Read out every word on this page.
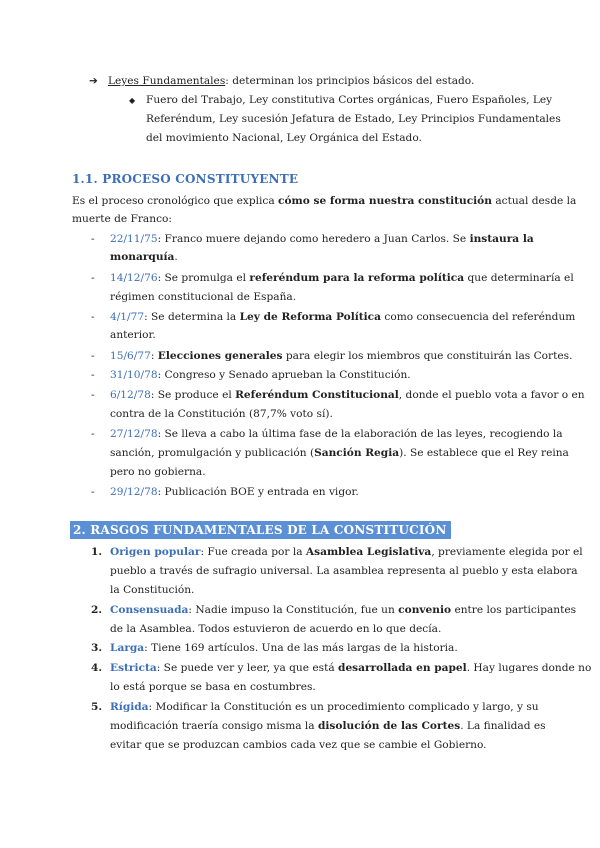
➔ Leyes Fundamentales: determinan los principios básicos del estado.
◆ Fuero del Trabajo, Ley constitutiva Cortes orgánicas, Fuero Españoles, Ley
Referéndum, Ley sucesión Jefatura de Estado, Ley Principios Fundamentales
del movimiento Nacional, Ley Orgánica del Estado.
1.1. PROCESO CONSTITUYENTE
Es el proceso cronológico que explica cómo se forma nuestra constitución actual desde la
muerte de Franco:
- 22/11/75: Franco muere dejando como heredero a Juan Carlos. Se instaura la
monarquía.
- 14/12/76: Se promulga el referéndum para la reforma política que determinaría el
régimen constitucional de España.
- 4/1/77: Se determina la Ley de Reforma Política como consecuencia del referéndum
anterior.
- 15/6/77: Elecciones generales para elegir los miembros que constituirán las Cortes.
- 31/10/78: Congreso y Senado aprueban la Constitución.
- 6/12/78: Se produce el Referéndum Constitucional, donde el pueblo vota a favor o en
contra de la Constitución (87,7% voto sí).
- 27/12/78: Se lleva a cabo la última fase de la elaboración de las leyes, recogiendo la
sanción, promulgación y publicación (Sanción Regia). Se establece que el Rey reina
pero no gobierna.
- 29/12/78: Publicación BOE y entrada en vigor.
2. RASGOS FUNDAMENTALES DE LA CONSTITUCIÓN
1. Origen popular: Fue creada por la Asamblea Legislativa, previamente elegida por el
pueblo a través de sufragio universal. La asamblea representa al pueblo y esta elabora
la Constitución.
2. Consensuada: Nadie impuso la Constitución, fue un convenio entre los participantes
de la Asamblea. Todos estuvieron de acuerdo en lo que decía.
3. Larga: Tiene 169 artículos. Una de las más largas de la historia.
4. Estricta: Se puede ver y leer, ya que está desarrollada en papel. Hay lugares donde no
lo está porque se basa en costumbres.
5. Rígida: Modificar la Constitución es un procedimiento complicado y largo, y su
modificación traería consigo misma la disolución de las Cortes. La finalidad es
evitar que se produzcan cambios cada vez que se cambie el Gobierno.
